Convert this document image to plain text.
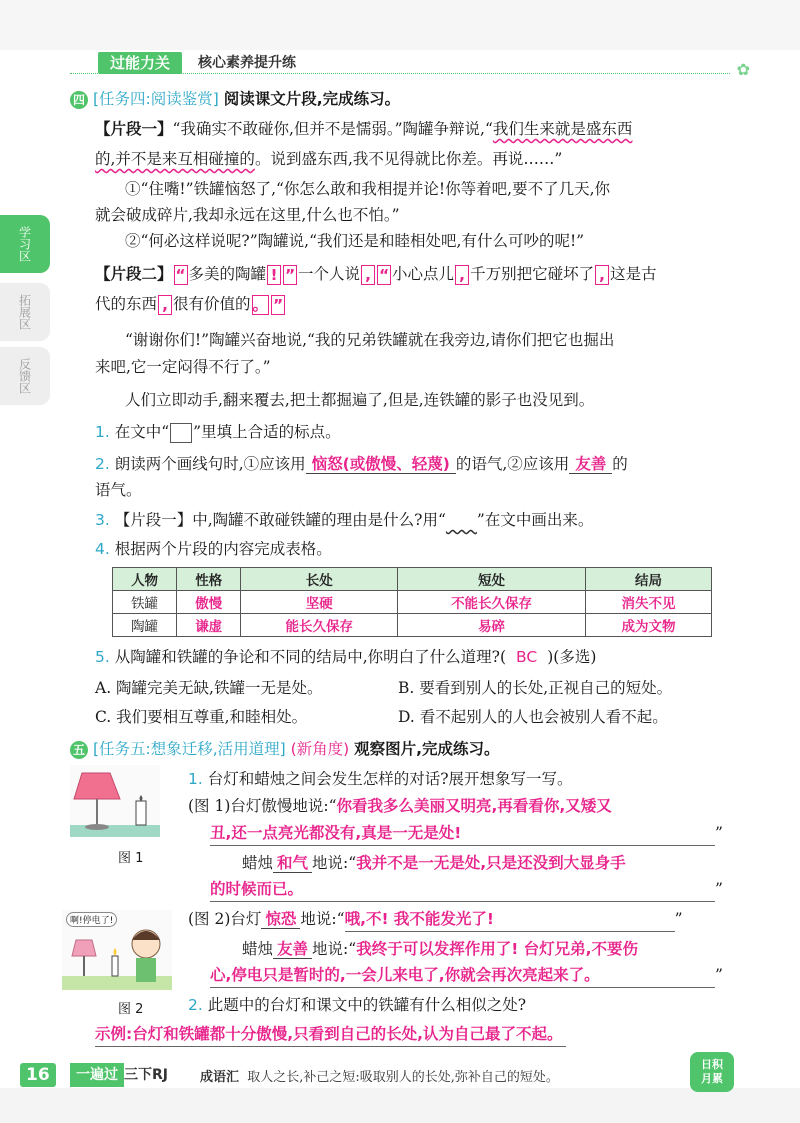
过能力关	核心素养提升练	✿
学习区
拓展区
反馈区
四 [任务四:阅读鉴赏] 阅读课文片段,完成练习。
【片段一】“我确实不敢碰你,但并不是懦弱。”陶罐争辩说,“我们生来就是盛东西
的,并不是来互相碰撞的。说到盛东西,我不见得就比你差。再说……”
①“住嘴!”铁罐恼怒了,“你怎么敢和我相提并论!你等着吧,要不了几天,你
就会破成碎片,我却永远在这里,什么也不怕。”
②“何必这样说呢?”陶罐说,“我们还是和睦相处吧,有什么可吵的呢!”
【片段二】 “ 多美的陶罐 ! ” 一个人说 , “ 小心点儿 , 千万别把它碰坏了 , 这是古
代的东西 , 很有价值的 。 ”
“谢谢你们!”陶罐兴奋地说,“我的兄弟铁罐就在我旁边,请你们把它也掘出
来吧,它一定闷得不行了。”
人们立即动手,翻来覆去,把土都掘遍了,但是,连铁罐的影子也没见到。
1. 在文中“ ”里填上合适的标点。
2. 朗读两个画线句时,①应该用 恼怒(或傲慢、轻蔑) 的语气,②应该用 友善 的
语气。
3. 【片段一】中,陶罐不敢碰铁罐的理由是什么?用“ ”在文中画出来。
4. 根据两个片段的内容完成表格。
人物	性格	长处	短处	结局
铁罐	傲慢	坚硬	不能长久保存	消失不见
陶罐	谦虚	能长久保存	易碎	成为文物
5. 从陶罐和铁罐的争论和不同的结局中,你明白了什么道理?( BC )(多选)
A. 陶罐完美无缺,铁罐一无是处。	B. 要看到别人的长处,正视自己的短处。
C. 我们要相互尊重,和睦相处。	D. 看不起别人的人也会被别人看不起。
五 [任务五:想象迁移,活用道理] (新角度) 观察图片,完成练习。
图 1
啊!停电了!
图 2
1. 台灯和蜡烛之间会发生怎样的对话?展开想象写一写。
(图 1)台灯傲慢地说:“你看我多么美丽又明亮,再看看你,又矮又
丑,还一点亮光都没有,真是一无是处!	”
蜡烛 和气 地说:“我并不是一无是处,只是还没到大显身手
的时候而已。	”
(图 2)台灯 惊恐 地说:“哦,不! 我不能发光了!	”
蜡烛 友善 地说:“我终于可以发挥作用了! 台灯兄弟,不要伤
心,停电只是暂时的,一会儿来电了,你就会再次亮起来了。	”
2. 此题中的台灯和课文中的铁罐有什么相似之处?
示例:台灯和铁罐都十分傲慢,只看到自己的长处,认为自己最了不起。
16	一遍过 三下RJ 成语汇 取人之长,补己之短:吸取别人的长处,弥补自己的短处。
日积
月累
